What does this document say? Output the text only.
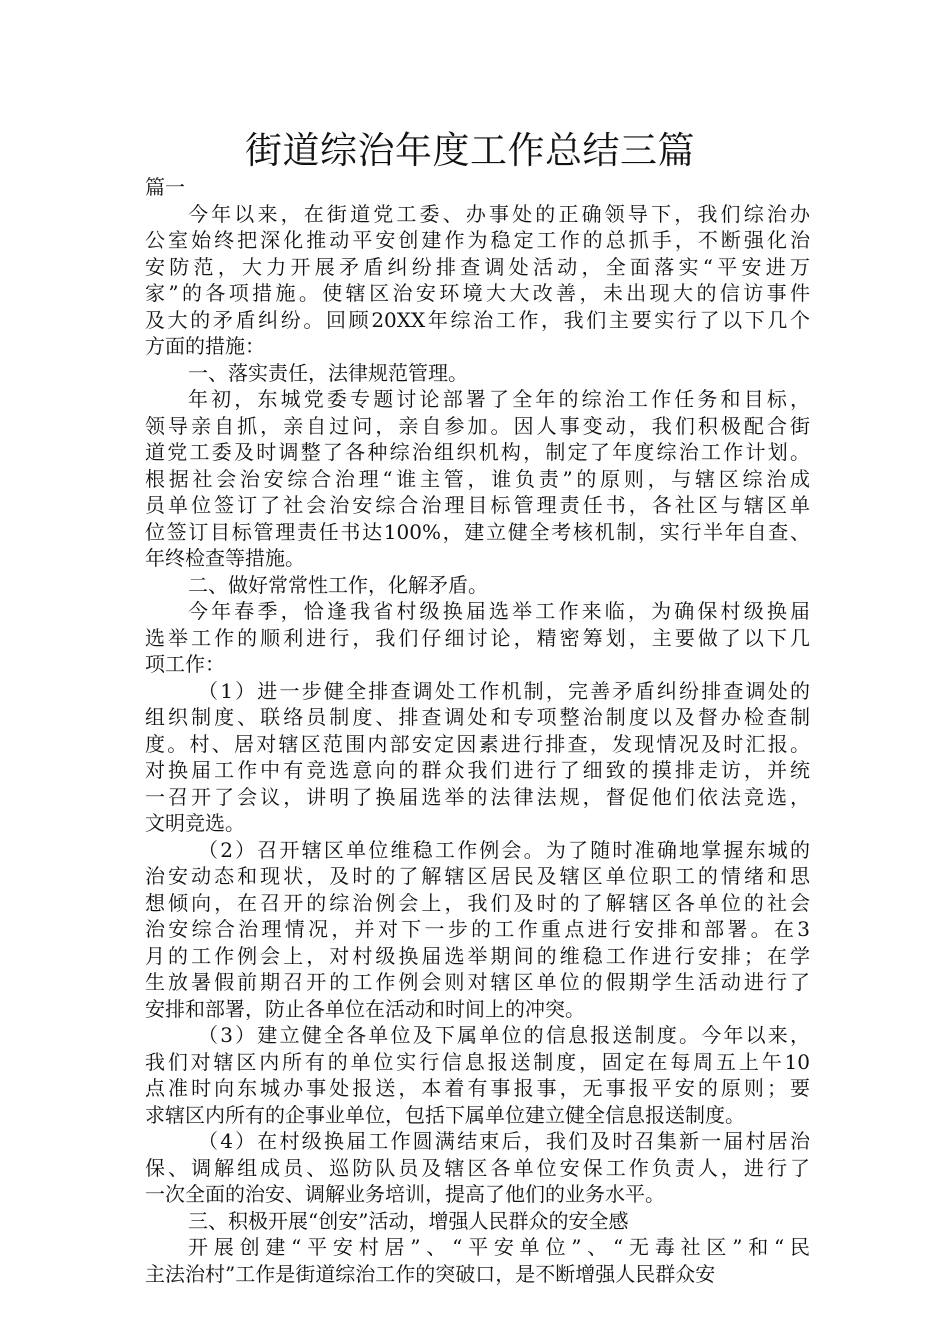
街道综治年度工作总结三篇
篇一
今年以来，在街道党工委、办事处的正确领导下，我们综治办
公室始终把深化推动平安创建作为稳定工作的总抓手，不断强化治
安防范，大力开展矛盾纠纷排查调处活动，全面落实“平安进万
家”的各项措施。使辖区治安环境大大改善，未出现大的信访事件
及大的矛盾纠纷。回顾20XX年综治工作，我们主要实行了以下几个
方面的措施：
一、落实责任，法律规范管理。
年初，东城党委专题讨论部署了全年的综治工作任务和目标，
领导亲自抓，亲自过问，亲自参加。因人事变动，我们积极配合街
道党工委及时调整了各种综治组织机构，制定了年度综治工作计划。
根据社会治安综合治理“谁主管，谁负责”的原则，与辖区综治成
员单位签订了社会治安综合治理目标管理责任书，各社区与辖区单
位签订目标管理责任书达100%，建立健全考核机制，实行半年自查、
年终检查等措施。
二、做好常常性工作，化解矛盾。
今年春季，恰逢我省村级换届选举工作来临，为确保村级换届
选举工作的顺利进行，我们仔细讨论，精密筹划，主要做了以下几
项工作：
（1）进一步健全排查调处工作机制，完善矛盾纠纷排查调处的
组织制度、联络员制度、排查调处和专项整治制度以及督办检查制
度。村、居对辖区范围内部安定因素进行排查，发现情况及时汇报。
对换届工作中有竞选意向的群众我们进行了细致的摸排走访，并统
一召开了会议，讲明了换届选举的法律法规，督促他们依法竞选，
文明竞选。
（2）召开辖区单位维稳工作例会。为了随时准确地掌握东城的
治安动态和现状，及时的了解辖区居民及辖区单位职工的情绪和思
想倾向，在召开的综治例会上，我们及时的了解辖区各单位的社会
治安综合治理情况，并对下一步的工作重点进行安排和部署。在3
月的工作例会上，对村级换届选举期间的维稳工作进行安排；在学
生放暑假前期召开的工作例会则对辖区单位的假期学生活动进行了
安排和部署，防止各单位在活动和时间上的冲突。
（3）建立健全各单位及下属单位的信息报送制度。今年以来，
我们对辖区内所有的单位实行信息报送制度，固定在每周五上午10
点准时向东城办事处报送，本着有事报事，无事报平安的原则；要
求辖区内所有的企事业单位，包括下属单位建立健全信息报送制度。
（4）在村级换届工作圆满结束后，我们及时召集新一届村居治
保、调解组成员、巡防队员及辖区各单位安保工作负责人，进行了
一次全面的治安、调解业务培训，提高了他们的业务水平。
三、积极开展“创安”活动，增强人民群众的安全感
开展创建“平安村居”、“平安单位”、“无毒社区”和“民
主法治村”工作是街道综治工作的突破口，是不断增强人民群众安
